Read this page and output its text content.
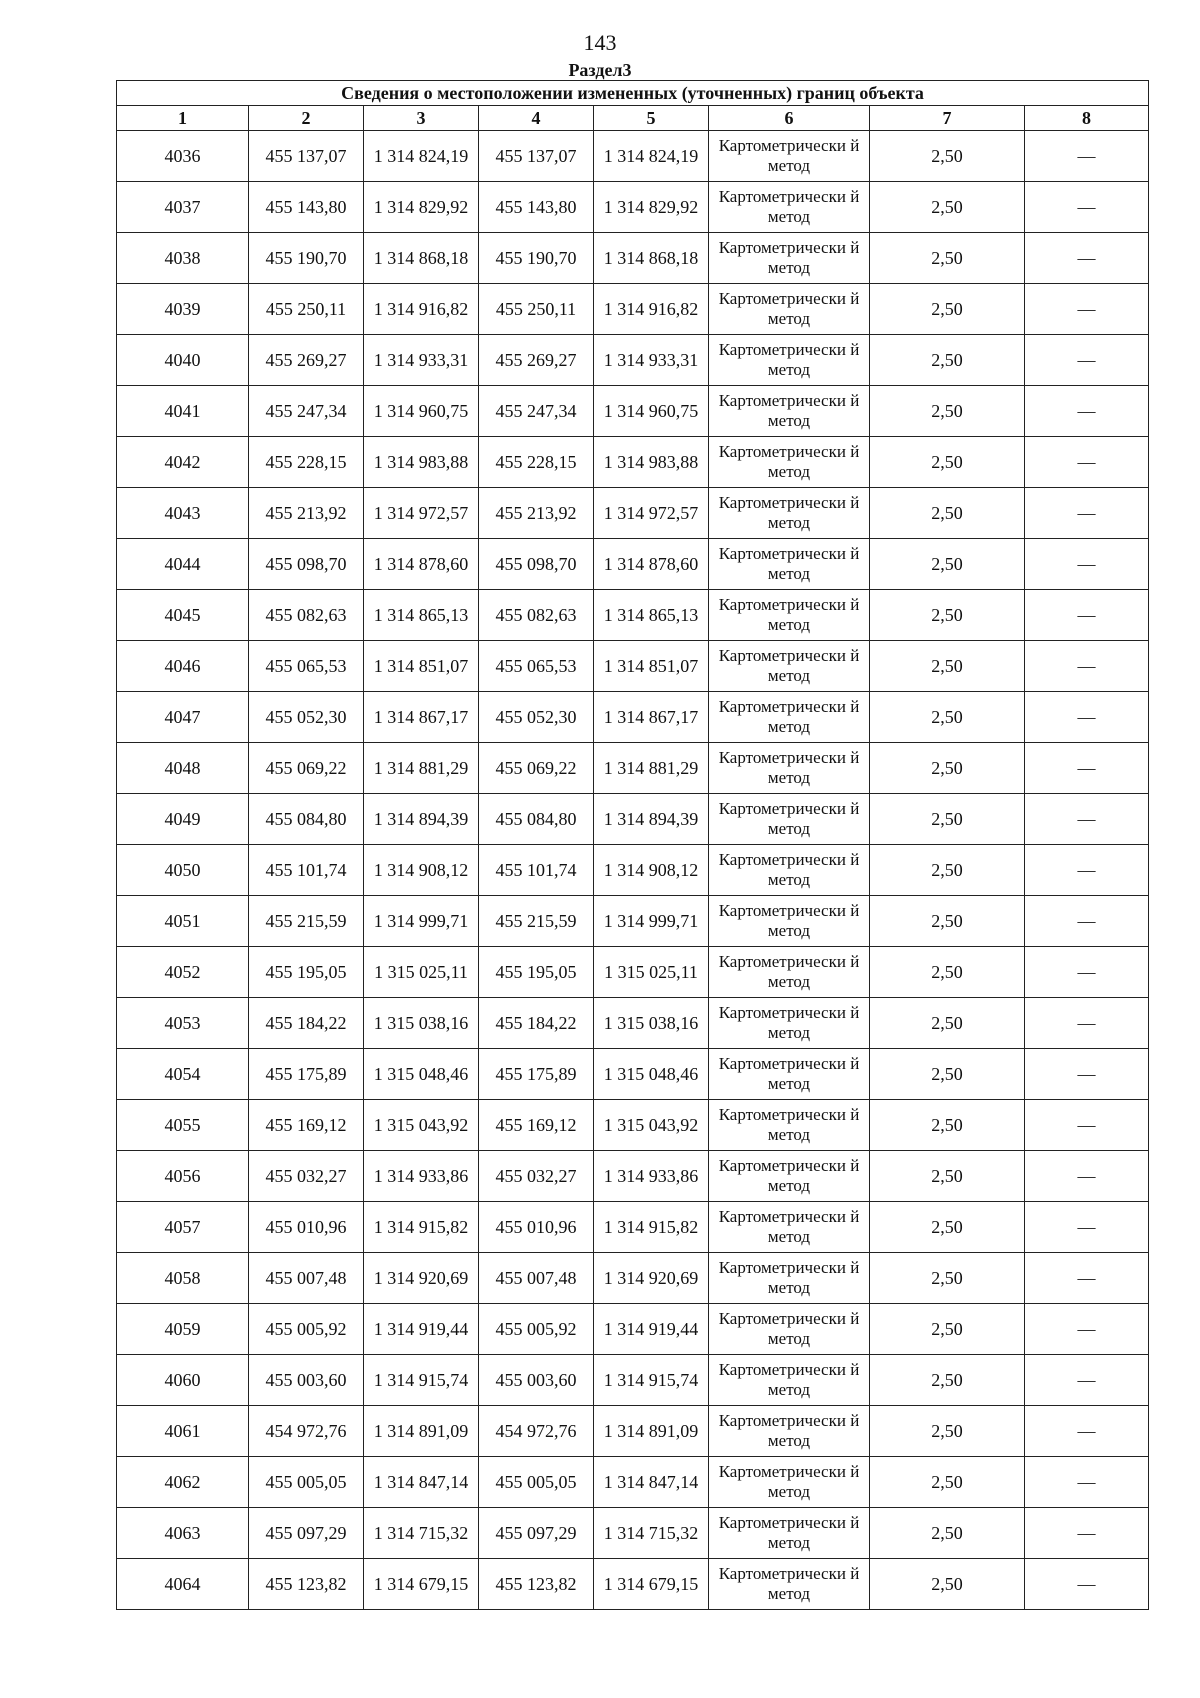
143
Раздел3
Сведения о местоположении измененных (уточненных) границ объекта							
1	2	3	4	5	6	7	8
4036	455 137,07	1 314 824,19	455 137,07	1 314 824,19	Картометрически й метод	2,50	—
4037	455 143,80	1 314 829,92	455 143,80	1 314 829,92	Картометрически й метод	2,50	—
4038	455 190,70	1 314 868,18	455 190,70	1 314 868,18	Картометрически й метод	2,50	—
4039	455 250,11	1 314 916,82	455 250,11	1 314 916,82	Картометрически й метод	2,50	—
4040	455 269,27	1 314 933,31	455 269,27	1 314 933,31	Картометрически й метод	2,50	—
4041	455 247,34	1 314 960,75	455 247,34	1 314 960,75	Картометрически й метод	2,50	—
4042	455 228,15	1 314 983,88	455 228,15	1 314 983,88	Картометрически й метод	2,50	—
4043	455 213,92	1 314 972,57	455 213,92	1 314 972,57	Картометрически й метод	2,50	—
4044	455 098,70	1 314 878,60	455 098,70	1 314 878,60	Картометрически й метод	2,50	—
4045	455 082,63	1 314 865,13	455 082,63	1 314 865,13	Картометрически й метод	2,50	—
4046	455 065,53	1 314 851,07	455 065,53	1 314 851,07	Картометрически й метод	2,50	—
4047	455 052,30	1 314 867,17	455 052,30	1 314 867,17	Картометрически й метод	2,50	—
4048	455 069,22	1 314 881,29	455 069,22	1 314 881,29	Картометрически й метод	2,50	—
4049	455 084,80	1 314 894,39	455 084,80	1 314 894,39	Картометрически й метод	2,50	—
4050	455 101,74	1 314 908,12	455 101,74	1 314 908,12	Картометрически й метод	2,50	—
4051	455 215,59	1 314 999,71	455 215,59	1 314 999,71	Картометрически й метод	2,50	—
4052	455 195,05	1 315 025,11	455 195,05	1 315 025,11	Картометрически й метод	2,50	—
4053	455 184,22	1 315 038,16	455 184,22	1 315 038,16	Картометрически й метод	2,50	—
4054	455 175,89	1 315 048,46	455 175,89	1 315 048,46	Картометрически й метод	2,50	—
4055	455 169,12	1 315 043,92	455 169,12	1 315 043,92	Картометрически й метод	2,50	—
4056	455 032,27	1 314 933,86	455 032,27	1 314 933,86	Картометрически й метод	2,50	—
4057	455 010,96	1 314 915,82	455 010,96	1 314 915,82	Картометрически й метод	2,50	—
4058	455 007,48	1 314 920,69	455 007,48	1 314 920,69	Картометрически й метод	2,50	—
4059	455 005,92	1 314 919,44	455 005,92	1 314 919,44	Картометрически й метод	2,50	—
4060	455 003,60	1 314 915,74	455 003,60	1 314 915,74	Картометрически й метод	2,50	—
4061	454 972,76	1 314 891,09	454 972,76	1 314 891,09	Картометрически й метод	2,50	—
4062	455 005,05	1 314 847,14	455 005,05	1 314 847,14	Картометрически й метод	2,50	—
4063	455 097,29	1 314 715,32	455 097,29	1 314 715,32	Картометрически й метод	2,50	—
4064	455 123,82	1 314 679,15	455 123,82	1 314 679,15	Картометрически й метод	2,50	—
